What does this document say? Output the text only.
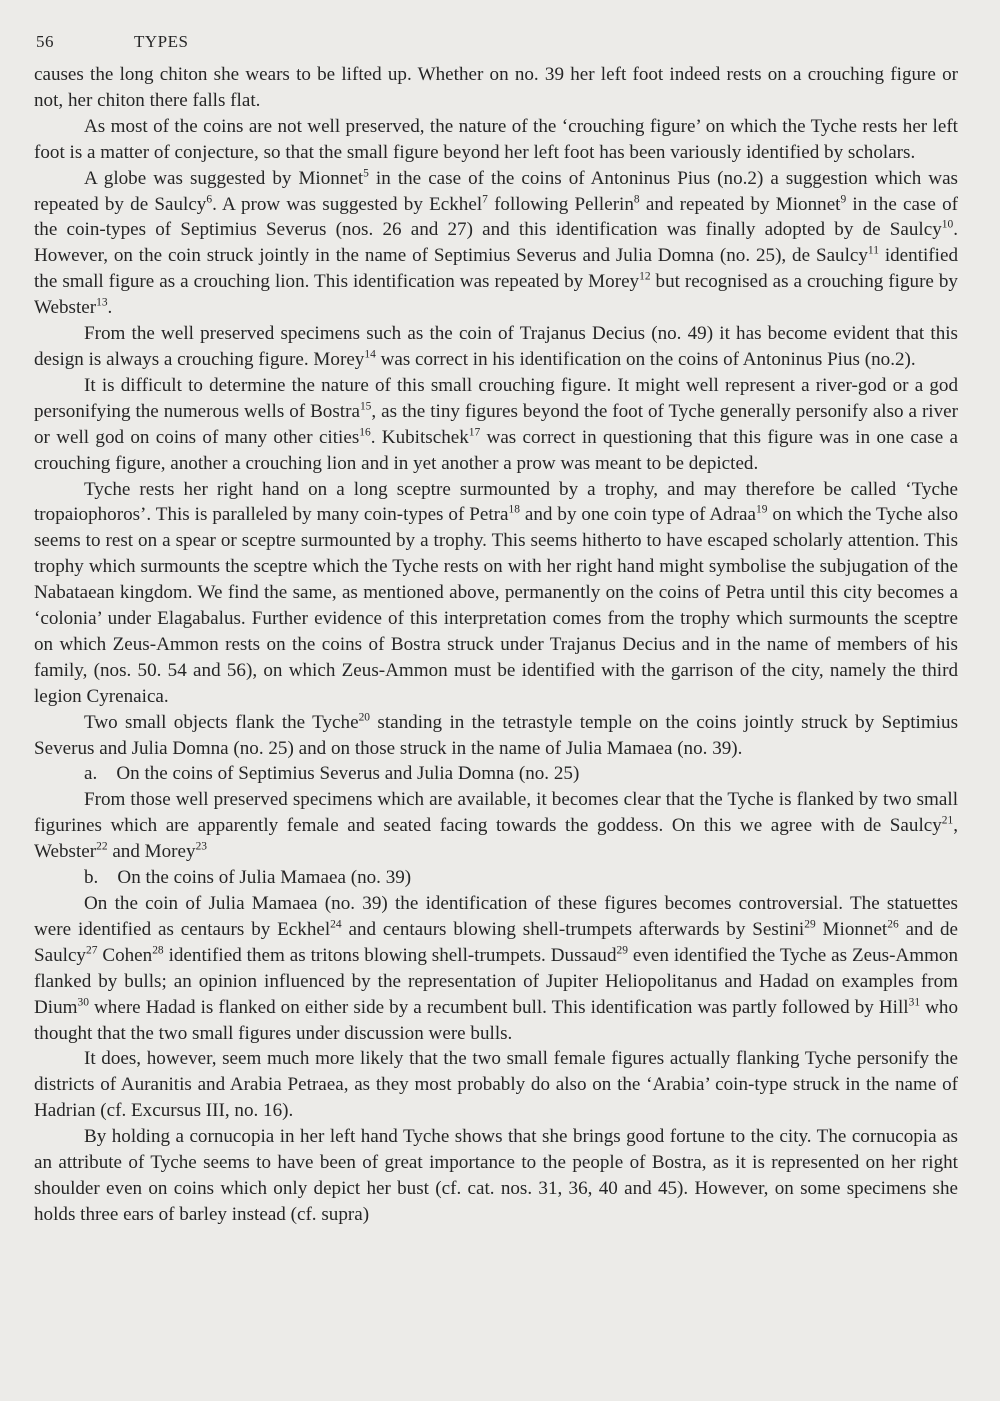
56	TYPES

causes the long chiton she wears to be lifted up. Whether on no. 39 her left foot indeed rests on a crouching figure or not, her chiton there falls flat.

As most of the coins are not well preserved, the nature of the ‘crouching figure’ on which the Tyche rests her left foot is a matter of conjecture, so that the small figure beyond her left foot has been variously identified by scholars.

A globe was suggested by Mionnet$^5$ in the case of the coins of Antoninus Pius (no.2) a suggestion which was repeated by de Saulcy$^6$. A prow was suggested by Eckhel$^7$ following Pellerin$^8$ and repeated by Mionnet$^9$ in the case of the coin-types of Septimius Severus (nos. 26 and 27) and this identification was finally adopted by de Saulcy$^{10}$. However, on the coin struck jointly in the name of Septimius Severus and Julia Domna (no. 25), de Saulcy$^{11}$ identified the small figure as a crouching lion. This identification was repeated by Morey$^{12}$ but recognised as a crouching figure by Webster$^{13}$.

From the well preserved specimens such as the coin of Trajanus Decius (no. 49) it has become evident that this design is always a crouching figure. Morey$^{14}$ was correct in his identification on the coins of Antoninus Pius (no.2).

It is difficult to determine the nature of this small crouching figure. It might well represent a river-god or a god personifying the numerous wells of Bostra$^{15}$, as the tiny figures beyond the foot of Tyche generally personify also a river or well god on coins of many other cities$^{16}$. Kubitschek$^{17}$ was correct in questioning that this figure was in one case a crouching figure, another a crouching lion and in yet another a prow was meant to be depicted.

Tyche rests her right hand on a long sceptre surmounted by a trophy, and may therefore be called ‘Tyche tropaiophoros’. This is paralleled by many coin-types of Petra$^{18}$ and by one coin type of Adraa$^{19}$ on which the Tyche also seems to rest on a spear or sceptre surmounted by a trophy. This seems hitherto to have escaped scholarly attention. This trophy which surmounts the sceptre which the Tyche rests on with her right hand might symbolise the subjugation of the Nabataean kingdom. We find the same, as mentioned above, permanently on the coins of Petra until this city becomes a ‘colonia’ under Elagabalus. Further evidence of this interpretation comes from the trophy which surmounts the sceptre on which Zeus-Ammon rests on the coins of Bostra struck under Trajanus Decius and in the name of members of his family, (nos. 50. 54 and 56), on which Zeus-Ammon must be identified with the garrison of the city, namely the third legion Cyrenaica.

Two small objects flank the Tyche$^{20}$ standing in the tetrastyle temple on the coins jointly struck by Septimius Severus and Julia Domna (no. 25) and on those struck in the name of Julia Mamaea (no. 39).

a. On the coins of Septimius Severus and Julia Domna (no. 25)

From those well preserved specimens which are available, it becomes clear that the Tyche is flanked by two small figurines which are apparently female and seated facing towards the goddess. On this we agree with de Saulcy$^{21}$, Webster$^{22}$ and Morey$^{23}$

b. On the coins of Julia Mamaea (no. 39)

On the coin of Julia Mamaea (no. 39) the identification of these figures becomes controversial. The statuettes were identified as centaurs by Eckhel$^{24}$ and centaurs blowing shell-trumpets afterwards by Sestini$^{29}$ Mionnet$^{26}$ and de Saulcy$^{27}$ Cohen$^{28}$ identified them as tritons blowing shell-trumpets. Dussaud$^{29}$ even identified the Tyche as Zeus-Ammon flanked by bulls; an opinion influenced by the representation of Jupiter Heliopolitanus and Hadad on examples from Dium$^{30}$ where Hadad is flanked on either side by a recumbent bull. This identification was partly followed by Hill$^{31}$ who thought that the two small figures under discussion were bulls.

It does, however, seem much more likely that the two small female figures actually flanking Tyche personify the districts of Auranitis and Arabia Petraea, as they most probably do also on the ‘Arabia’ coin-type struck in the name of Hadrian (cf. Excursus III, no. 16).

By holding a cornucopia in her left hand Tyche shows that she brings good fortune to the city. The cornucopia as an attribute of Tyche seems to have been of great importance to the people of Bostra, as it is represented on her right shoulder even on coins which only depict her bust (cf. cat. nos. 31, 36, 40 and 45). However, on some specimens she holds three ears of barley instead (cf. supra)
